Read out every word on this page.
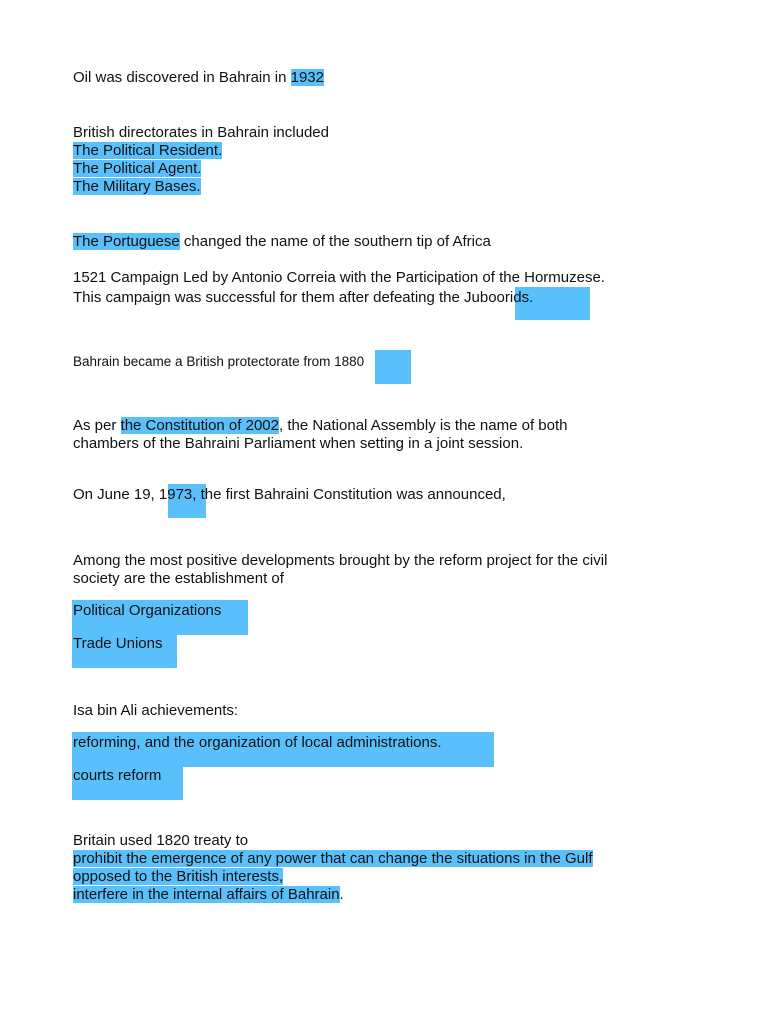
Oil was discovered in Bahrain in 1932
British directorates in Bahrain included
The Political Resident.
The Political Agent.
The Military Bases.
The Portuguese changed the name of the southern tip of Africa
1521 Campaign Led by Antonio Correia with the Participation of the Hormuzese.
This campaign was successful for them after defeating the Juboorids.
Bahrain became a British protectorate from 1880
As per the Constitution of 2002, the National Assembly is the name of both
chambers of the Bahraini Parliament when setting in a joint session.
On June 19, 1973, the first Bahraini Constitution was announced,
Among the most positive developments brought by the reform project for the civil
society are the establishment of
Political Organizations
Trade Unions
Isa bin Ali achievements:
reforming, and the organization of local administrations.
courts reform
Britain used 1820 treaty to
prohibit the emergence of any power that can change the situations in the Gulf
opposed to the British interests,
interfere in the internal affairs of Bahrain.
